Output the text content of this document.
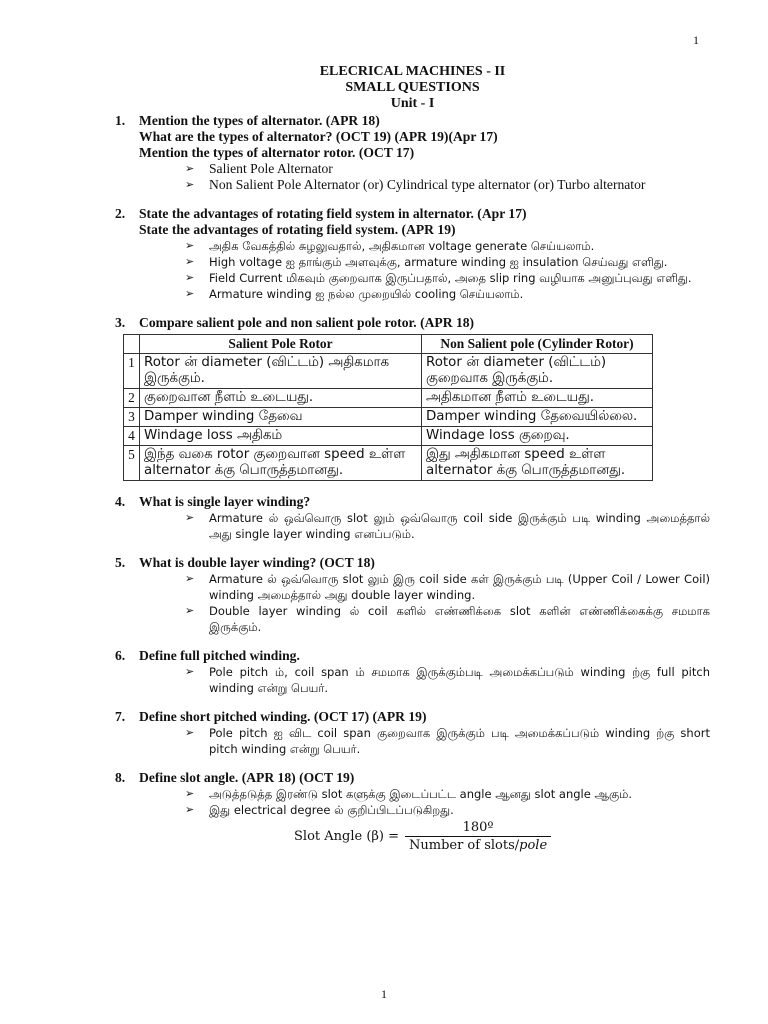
1
ELECRICAL MACHINES - II
SMALL QUESTIONS
Unit - I
1. Mention the types of alternator. (APR 18)
What are the types of alternator? (OCT 19) (APR 19)(Apr 17)
Mention the types of alternator rotor. (OCT 17)
➢ Salient Pole Alternator
➢ Non Salient Pole Alternator (or) Cylindrical type alternator (or) Turbo alternator
2. State the advantages of rotating field system in alternator. (Apr 17)
State the advantages of rotating field system. (APR 19)
➢ அதிக வேகத்தில் சுழலுவதால், அதிகமான voltage generate செய்யலாம்.
➢ High voltage ஐ தாங்கும் அளவுக்கு, armature winding ஐ insulation செய்வது எளிது.
➢ Field Current மிகவும் குறைவாக இருப்பதால், அதை slip ring வழியாக அனுப்புவது எளிது.
➢ Armature winding ஐ நல்ல முறையில் cooling செய்யலாம்.
3. Compare salient pole and non salient pole rotor. (APR 18)
	Salient Pole Rotor	Non Salient pole (Cylinder Rotor)
1	Rotor ன் diameter (விட்டம்) அதிகமாக இருக்கும்.	Rotor ன் diameter (விட்டம்) குறைவாக இருக்கும்.
2	குறைவான நீளம் உடையது.	அதிகமான நீளம் உடையது.
3	Damper winding தேவை	Damper winding தேவையில்லை.
4	Windage loss அதிகம்	Windage loss குறைவு.
5	இந்த வகை rotor குறைவான speed உள்ள alternator க்கு பொருத்தமானது.	இது அதிகமான speed உள்ள alternator க்கு பொருத்தமானது.
4. What is single layer winding?
➢ Armature ல் ஒவ்வொரு slot லும் ஒவ்வொரு coil side இருக்கும் படி winding அமைத்தால் அது single layer winding எனப்படும்.
5. What is double layer winding? (OCT 18)
➢ Armature ல் ஒவ்வொரு slot லும் இரு coil side கள் இருக்கும் படி (Upper Coil / Lower Coil) winding அமைத்தால் அது double layer winding.
➢ Double layer winding ல் coil களில் எண்ணிக்கை slot களின் எண்ணிக்கைக்கு சமமாக இருக்கும்.
6. Define full pitched winding.
➢ Pole pitch ம், coil span ம் சமமாக இருக்கும்படி அமைக்கப்படும் winding ற்கு full pitch winding என்று பெயர்.
7. Define short pitched winding. (OCT 17) (APR 19)
➢ Pole pitch ஐ விட coil span குறைவாக இருக்கும் படி அமைக்கப்படும் winding ற்கு short pitch winding என்று பெயர்.
8. Define slot angle. (APR 18) (OCT 19)
➢ அடுத்தடுத்த இரண்டு slot களுக்கு இடைப்பட்ட angle ஆனது slot angle ஆகும்.
➢ இது electrical degree ல் குறிப்பிடப்படுகிறது.
Slot Angle $(\beta) = \frac{\text{180º}}{\text{Number of slots/pole}}$
1
